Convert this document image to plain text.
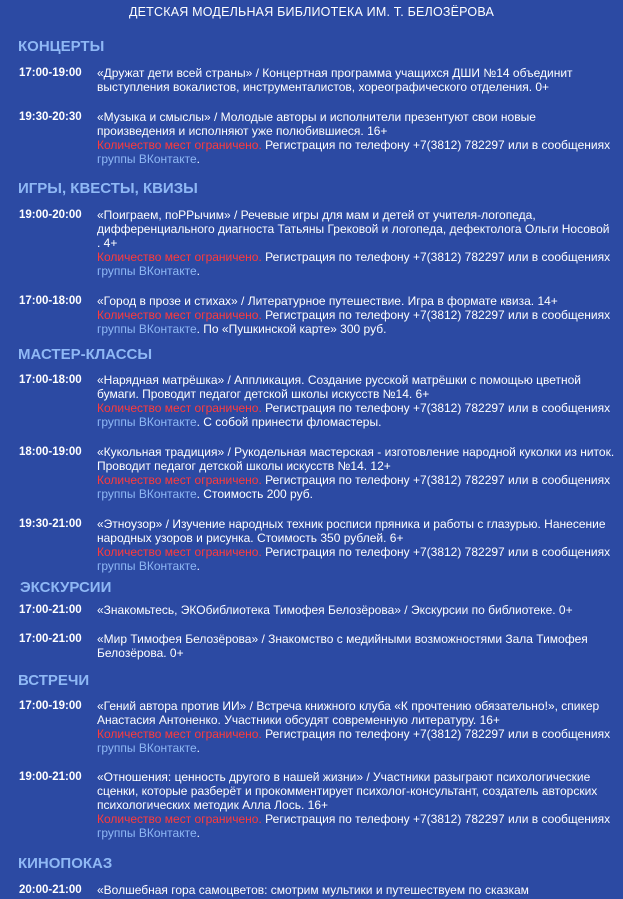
ДЕТСКАЯ МОДЕЛЬНАЯ БИБЛИОТЕКА ИМ. Т. БЕЛОЗЁРОВА
КОНЦЕРТЫ
17:00-19:00 «Дружат дети всей страны» / Концертная программа учащихся ДШИ №14 объединит выступления вокалистов, инструменталистов, хореографического отделения. 0+
19:30-20:30 «Музыка и смыслы» / Молодые авторы и исполнители презентуют свои новые произведения и исполняют уже полюбившиеся. 16+
Количество мест ограничено. Регистрация по телефону +7(3812) 782297 или в сообщениях группы ВКонтакте.
ИГРЫ, КВЕСТЫ, КВИЗЫ
19:00-20:00 «Поиграем, поРРычим» / Речевые игры для мам и детей от учителя-логопеда, дифференциального диагноста Татьяны Грековой и логопеда, дефектолога Ольги Носовой . 4+
Количество мест ограничено. Регистрация по телефону +7(3812) 782297 или в сообщениях группы ВКонтакте.
17:00-18:00 «Город в прозе и стихах» / Литературное путешествие. Игра в формате квиза. 14+
Количество мест ограничено. Регистрация по телефону +7(3812) 782297 или в сообщениях группы ВКонтакте. По «Пушкинской карте» 300 руб.
МАСТЕР-КЛАССЫ
17:00-18:00 «Нарядная матрёшка» / Аппликация. Создание русской матрёшки с помощью цветной бумаги. Проводит педагог детской школы искусств №14. 6+
Количество мест ограничено. Регистрация по телефону +7(3812) 782297 или в сообщениях группы ВКонтакте. С собой принести фломастеры.
18:00-19:00 «Кукольная традиция» / Рукодельная мастерская - изготовление народной куколки из ниток. Проводит педагог детской школы искусств №14. 12+
Количество мест ограничено. Регистрация по телефону +7(3812) 782297 или в сообщениях группы ВКонтакте. Стоимость 200 руб.
19:30-21:00 «Этноузор» / Изучение народных техник росписи пряника и работы с глазурью. Нанесение народных узоров и рисунка. Стоимость 350 рублей. 6+
Количество мест ограничено. Регистрация по телефону +7(3812) 782297 или в сообщениях группы ВКонтакте.
ЭКСКУРСИИ
17:00-21:00 «Знакомьтесь, ЭКОбиблиотека Тимофея Белозёрова» / Экскурсии по библиотеке. 0+
17:00-21:00 «Мир Тимофея Белозёрова» / Знакомство с медийными возможностями Зала Тимофея Белозёрова. 0+
ВСТРЕЧИ
17:00-19:00 «Гений автора против ИИ» / Встреча книжного клуба «К прочтению обязательно!», спикер Анастасия Антоненко. Участники обсудят современную литературу. 16+
Количество мест ограничено. Регистрация по телефону +7(3812) 782297 или в сообщениях группы ВКонтакте.
19:00-21:00 «Отношения: ценность другого в нашей жизни» / Участники разыграют психологические сценки, которые разберёт и прокомментирует психолог-консультант, создатель авторских психологических методик Алла Лось. 16+
Количество мест ограничено. Регистрация по телефону +7(3812) 782297 или в сообщениях группы ВКонтакте.
КИНОПОКАЗ
20:00-21:00 «Волшебная гора самоцветов: смотрим мультики и путешествуем по сказкам
